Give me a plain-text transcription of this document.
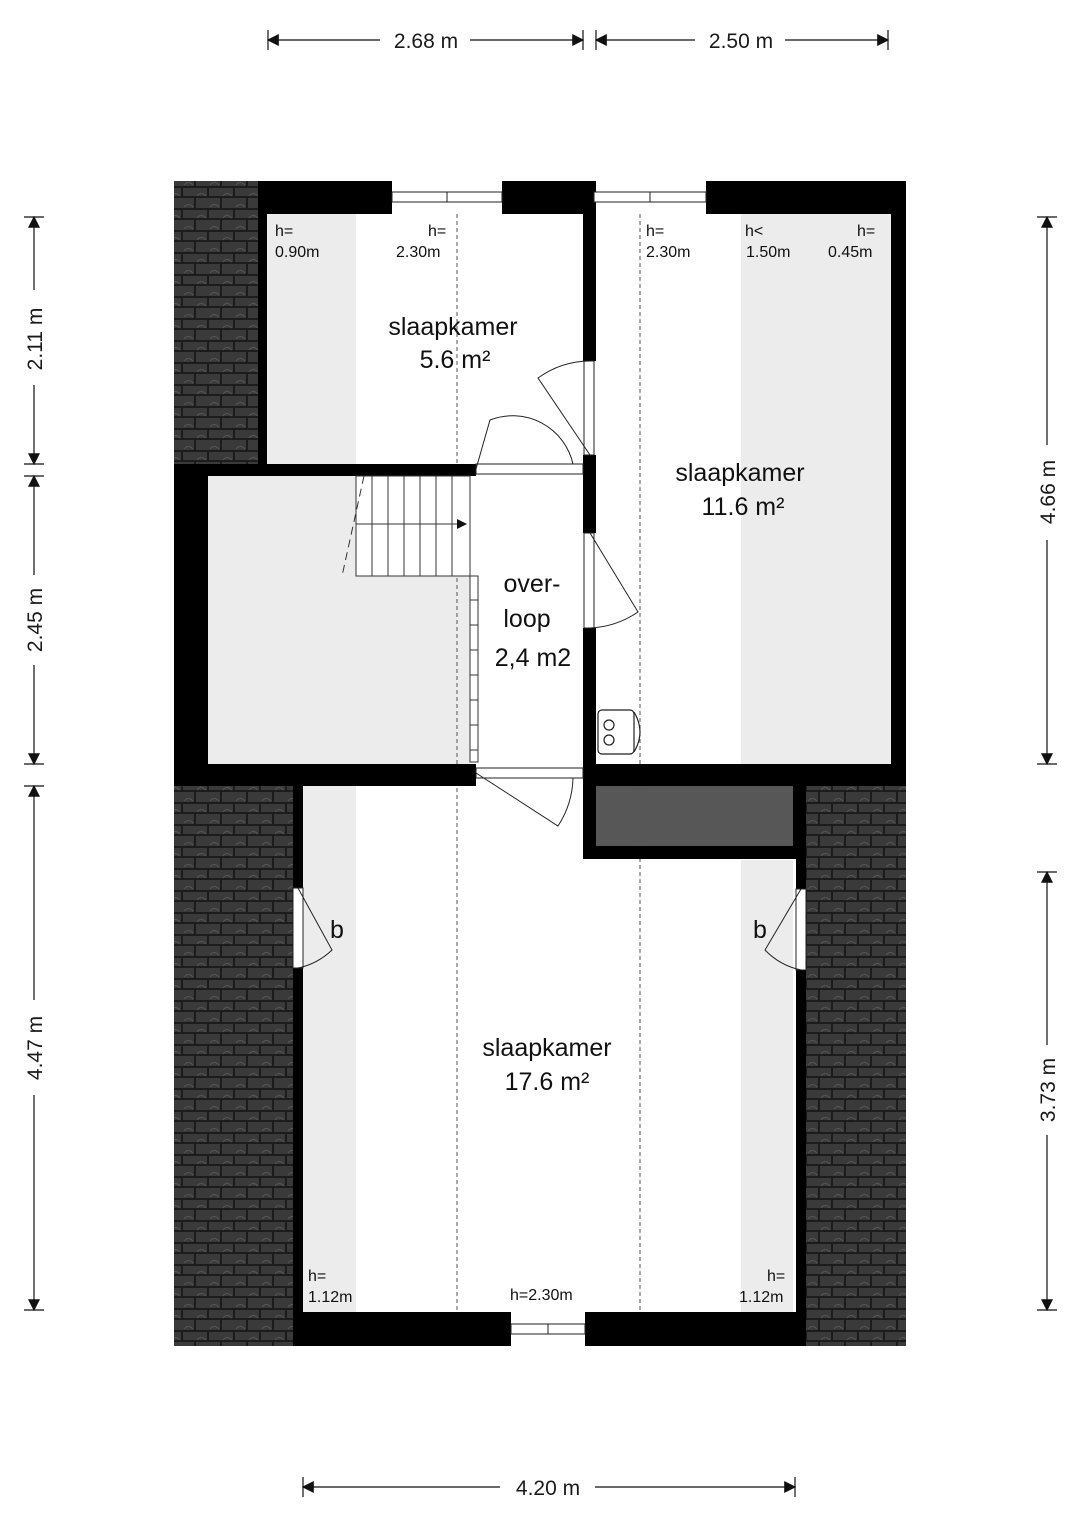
2.68 m	2.50 m
4.20 m
2.11 m
2.45 m
4.47 m
4.66 m
3.73 m
slaapkamer
5.6 m²
slaapkamer
11.6 m²
over-
loop
2,4 m2
slaapkamer
17.6 m²
h=
0.90m
h=
2.30m
h=
2.30m
h<
1.50m
h=
0.45m
h=
1.12m	h=2.30m
h=
1.12m
b	b
